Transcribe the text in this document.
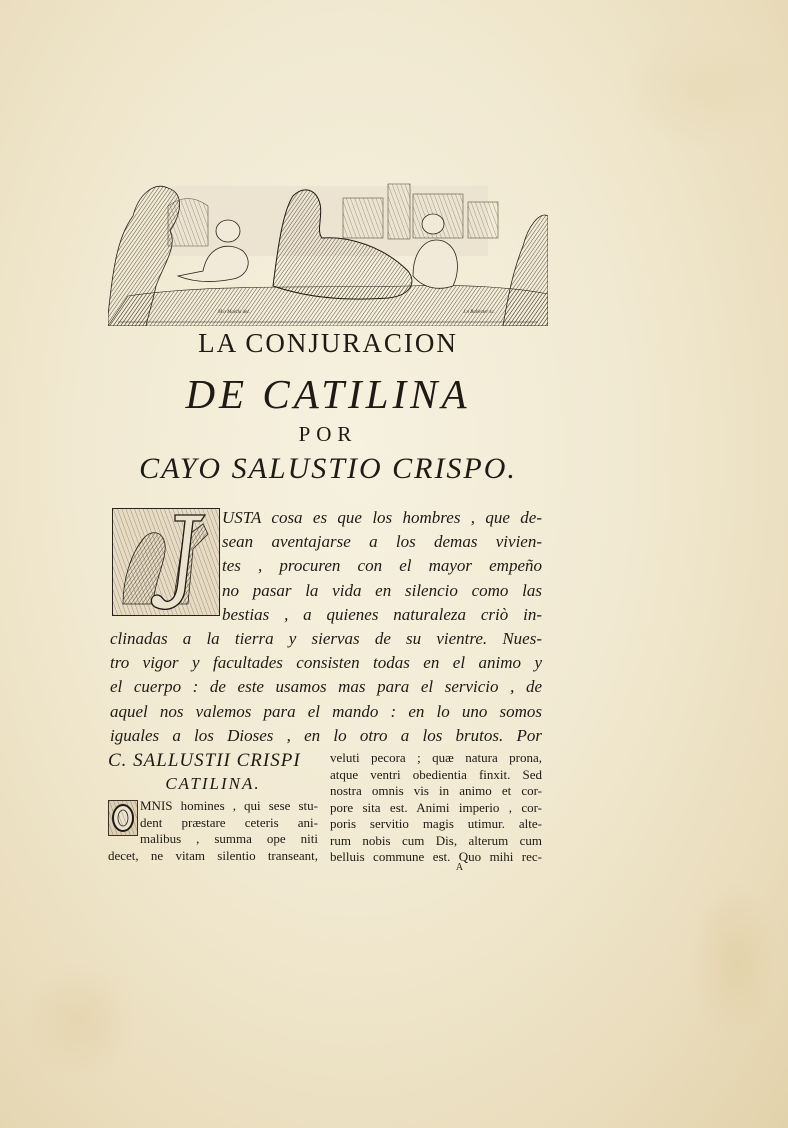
M.a Maella del.	J.n Ballester sc.
LA CONJURACION
DE CATILINA
POR
CAYO SALUSTIO CRISPO.
USTA cosa es que los hombres , que de-
sean aventajarse a los demas vivien-
tes , procuren con el mayor empeño
no pasar la vida en silencio como las
bestias , a quienes naturaleza criò in-
clinadas a la tierra y siervas de su vientre. Nues-
tro vigor y facultades consisten todas en el animo y
el cuerpo : de este usamos mas para el servicio , de
aquel nos valemos para el mando : en lo uno somos
iguales a los Dioses , en lo otro a los brutos. Por
C. SALLUSTII CRISPI
CATILINA.
MNIS homines , qui sese stu-
dent præstare ceteris ani-
malibus , summa ope niti
decet, ne vitam silentio transeant,
veluti pecora ; quæ natura prona,
atque ventri obedientia finxit. Sed
nostra omnis vis in animo et cor-
pore sita est. Animi imperio , cor-
poris servitio magis utimur. alte-
rum nobis cum Dis, alterum cum
belluis commune est. Quo mihi rec-
A
